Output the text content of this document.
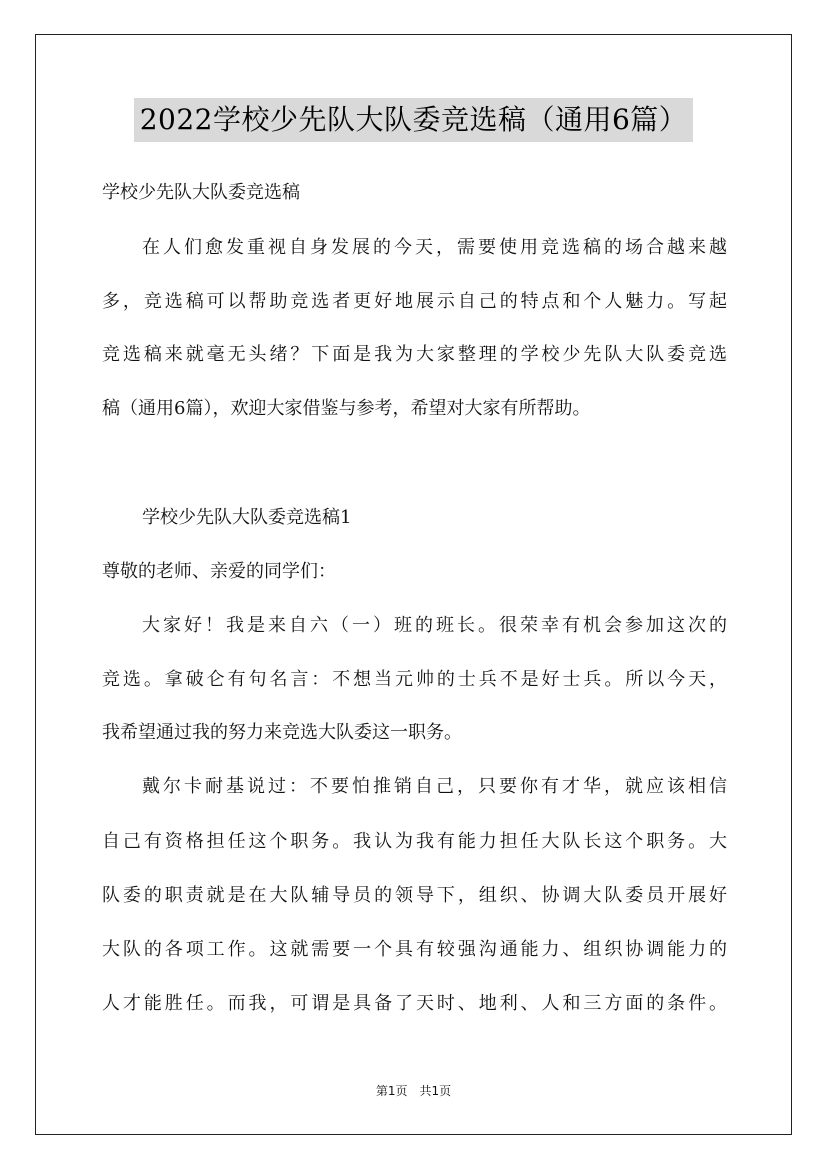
2022学校少先队大队委竞选稿（通用6篇）
学校少先队大队委竞选稿
在人们愈发重视自身发展的今天，需要使用竞选稿的场合越来越
多，竞选稿可以帮助竞选者更好地展示自己的特点和个人魅力。写起
竞选稿来就毫无头绪？下面是我为大家整理的学校少先队大队委竞选
稿（通用6篇），欢迎大家借鉴与参考，希望对大家有所帮助。
学校少先队大队委竞选稿1
尊敬的老师、亲爱的同学们：
大家好！我是来自六（一）班的班长。很荣幸有机会参加这次的
竞选。拿破仑有句名言：不想当元帅的士兵不是好士兵。所以今天，
我希望通过我的努力来竞选大队委这一职务。
戴尔卡耐基说过：不要怕推销自己，只要你有才华，就应该相信
自己有资格担任这个职务。我认为我有能力担任大队长这个职务。大
队委的职责就是在大队辅导员的领导下，组织、协调大队委员开展好
大队的各项工作。这就需要一个具有较强沟通能力、组织协调能力的
人才能胜任。而我，可谓是具备了天时、地利、人和三方面的条件。
第1页　共1页
